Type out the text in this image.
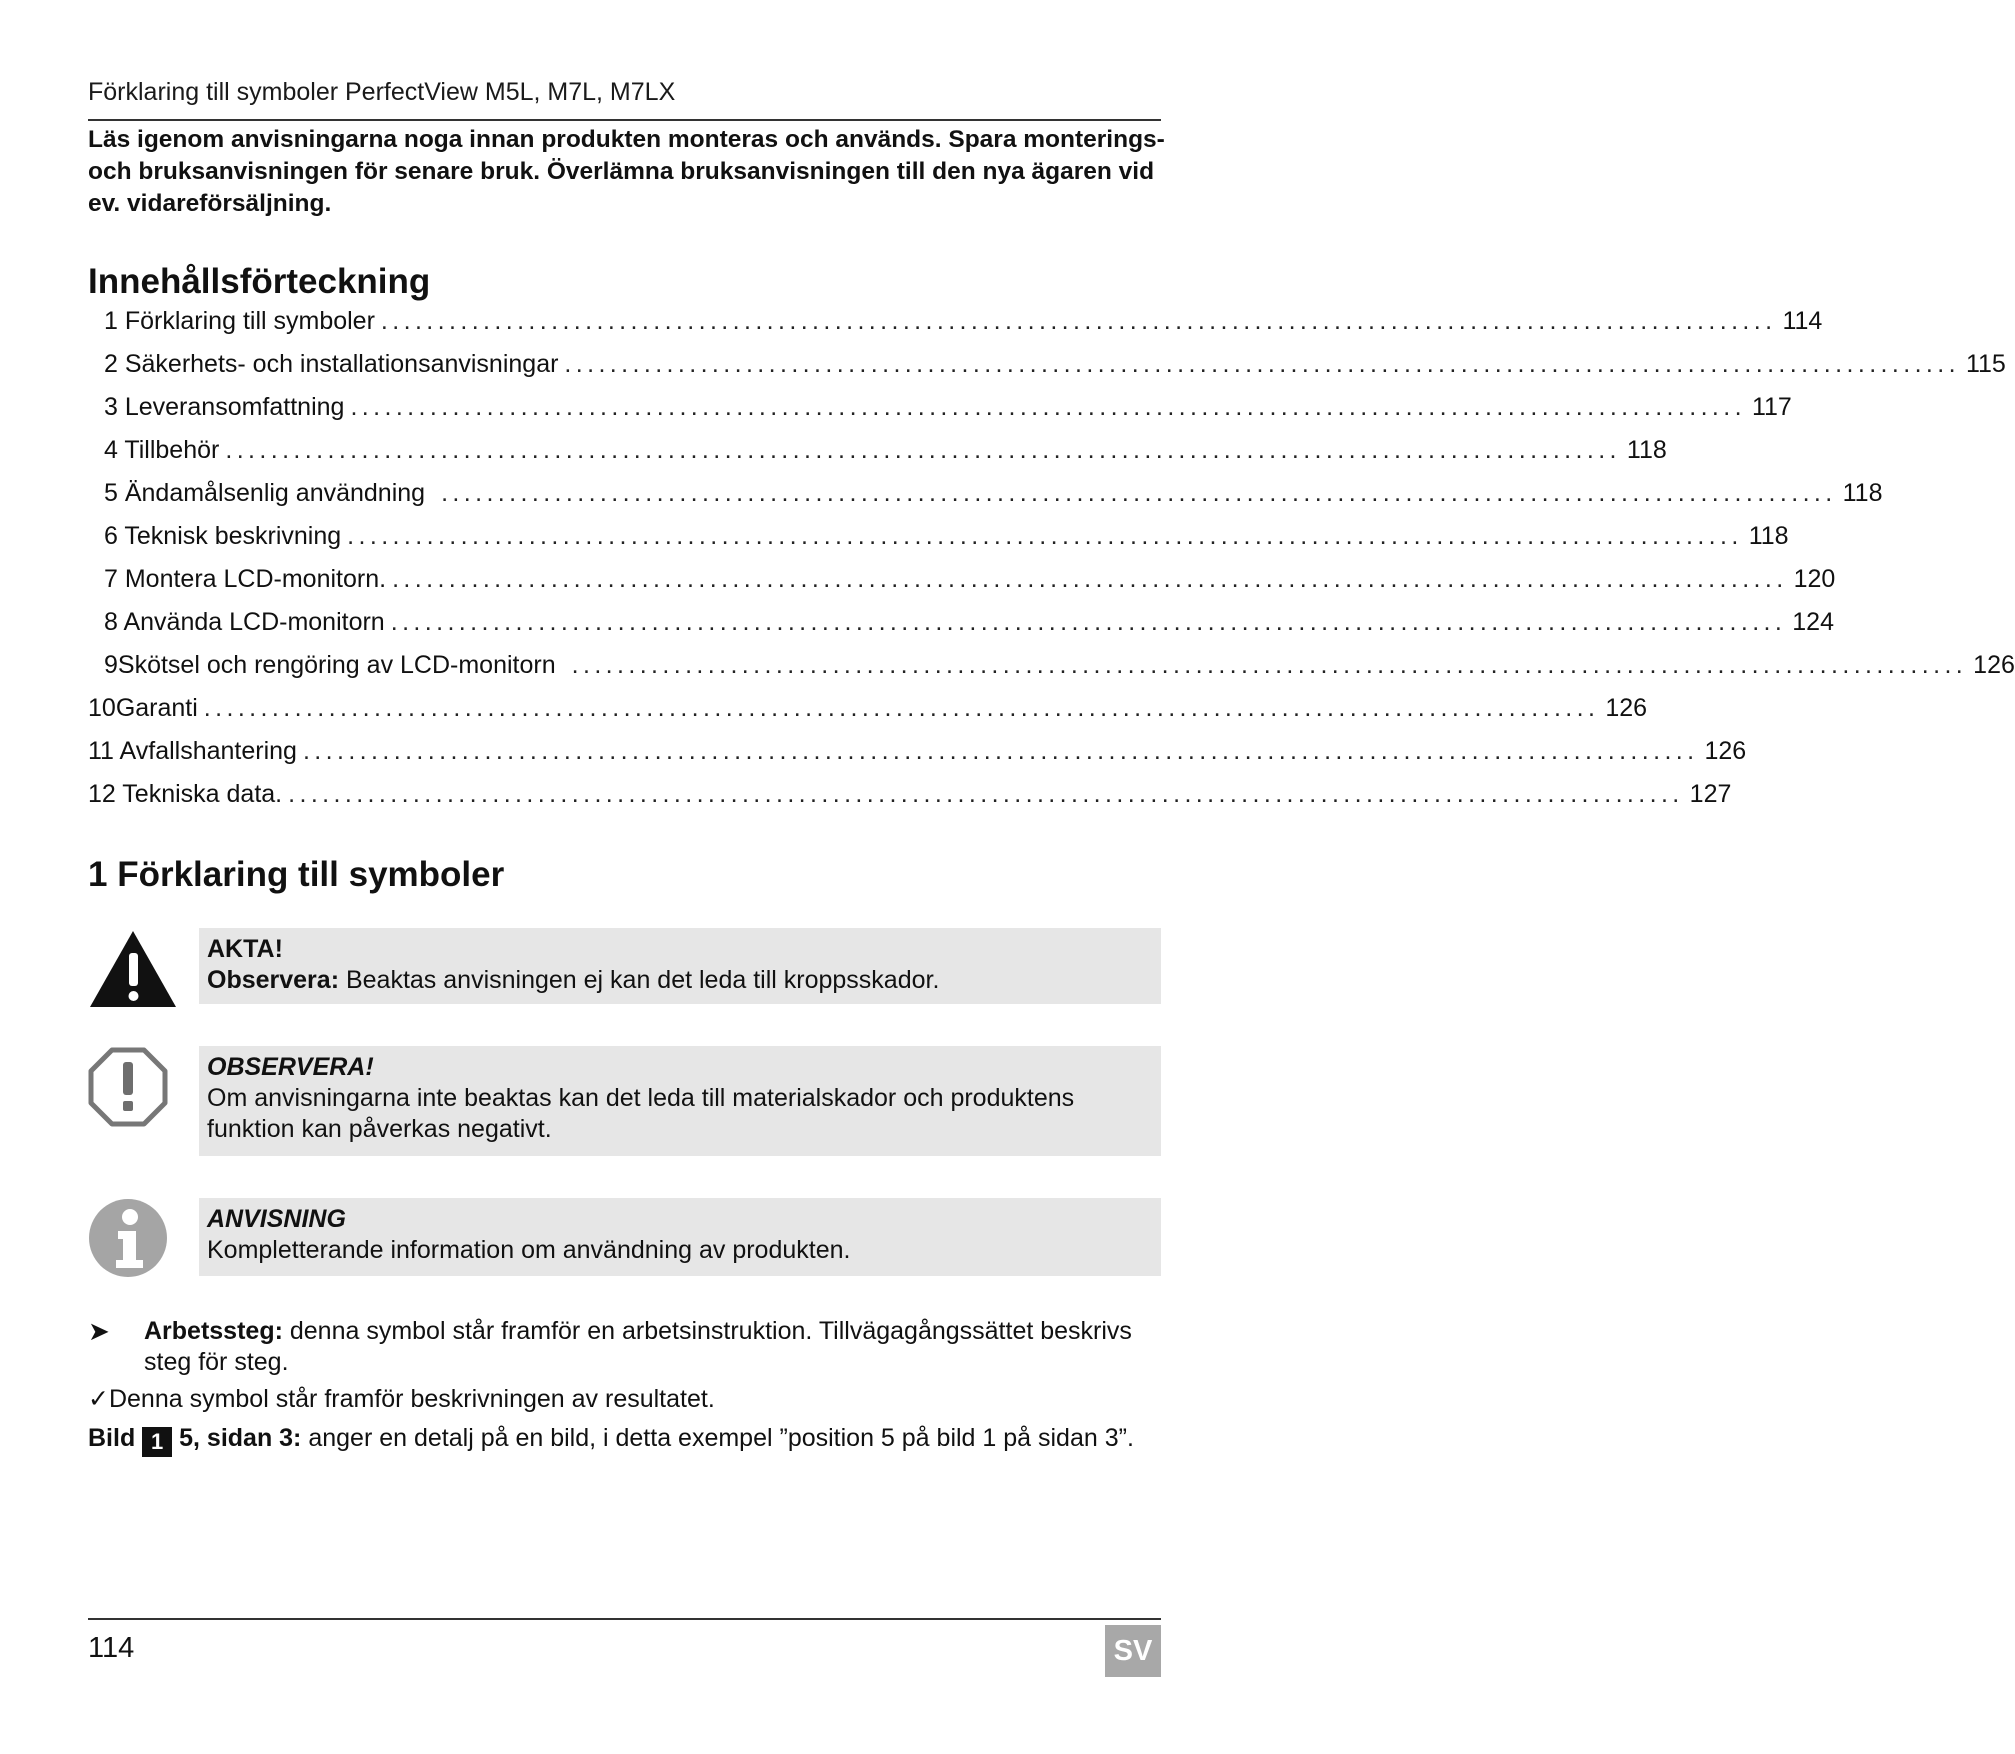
Förklaring till symboler PerfectView M5L, M7L, M7LX
Läs igenom anvisningarna noga innan produkten monteras och används. Spara monterings- och bruksanvisningen för senare bruk. Överlämna bruksanvisningen till den nya ägaren vid ev. vidareförsäljning.
Innehållsförteckning
1 Förklaring till symboler ........................................................................................................................... 114
2 Säkerhets- och installationsanvisningar ........................................................................................................................... 115
3 Leveransomfattning ........................................................................................................................... 117
4 Tillbehör ........................................................................................................................... 118
5 Ändamålsenlig användning ........................................................................................................................... 118
6 Teknisk beskrivning ........................................................................................................................... 118
7 Montera LCD-monitorn. ........................................................................................................................... 120
8 Använda LCD-monitorn ........................................................................................................................... 124
9 Skötsel och rengöring av LCD-monitorn ........................................................................................................................... 126
10 Garanti ........................................................................................................................... 126
11 Avfallshantering ........................................................................................................................... 126
12 Tekniska data. ........................................................................................................................... 127
1 Förklaring till symboler
AKTA!
Observera: Beaktas anvisningen ej kan det leda till kroppsskador.
OBSERVERA!
Om anvisningarna inte beaktas kan det leda till materialskador och produktens funktion kan påverkas negativt.
ANVISNING
Kompletterande information om användning av produkten.
➤ Arbetssteg: denna symbol står framför en arbetsinstruktion. Tillvägagångssättet beskrivs steg för steg.
✓Denna symbol står framför beskrivningen av resultatet.
Bild 1 5, sidan 3: anger en detalj på en bild, i detta exempel ”position 5 på bild 1 på sidan 3”.
114	SV
